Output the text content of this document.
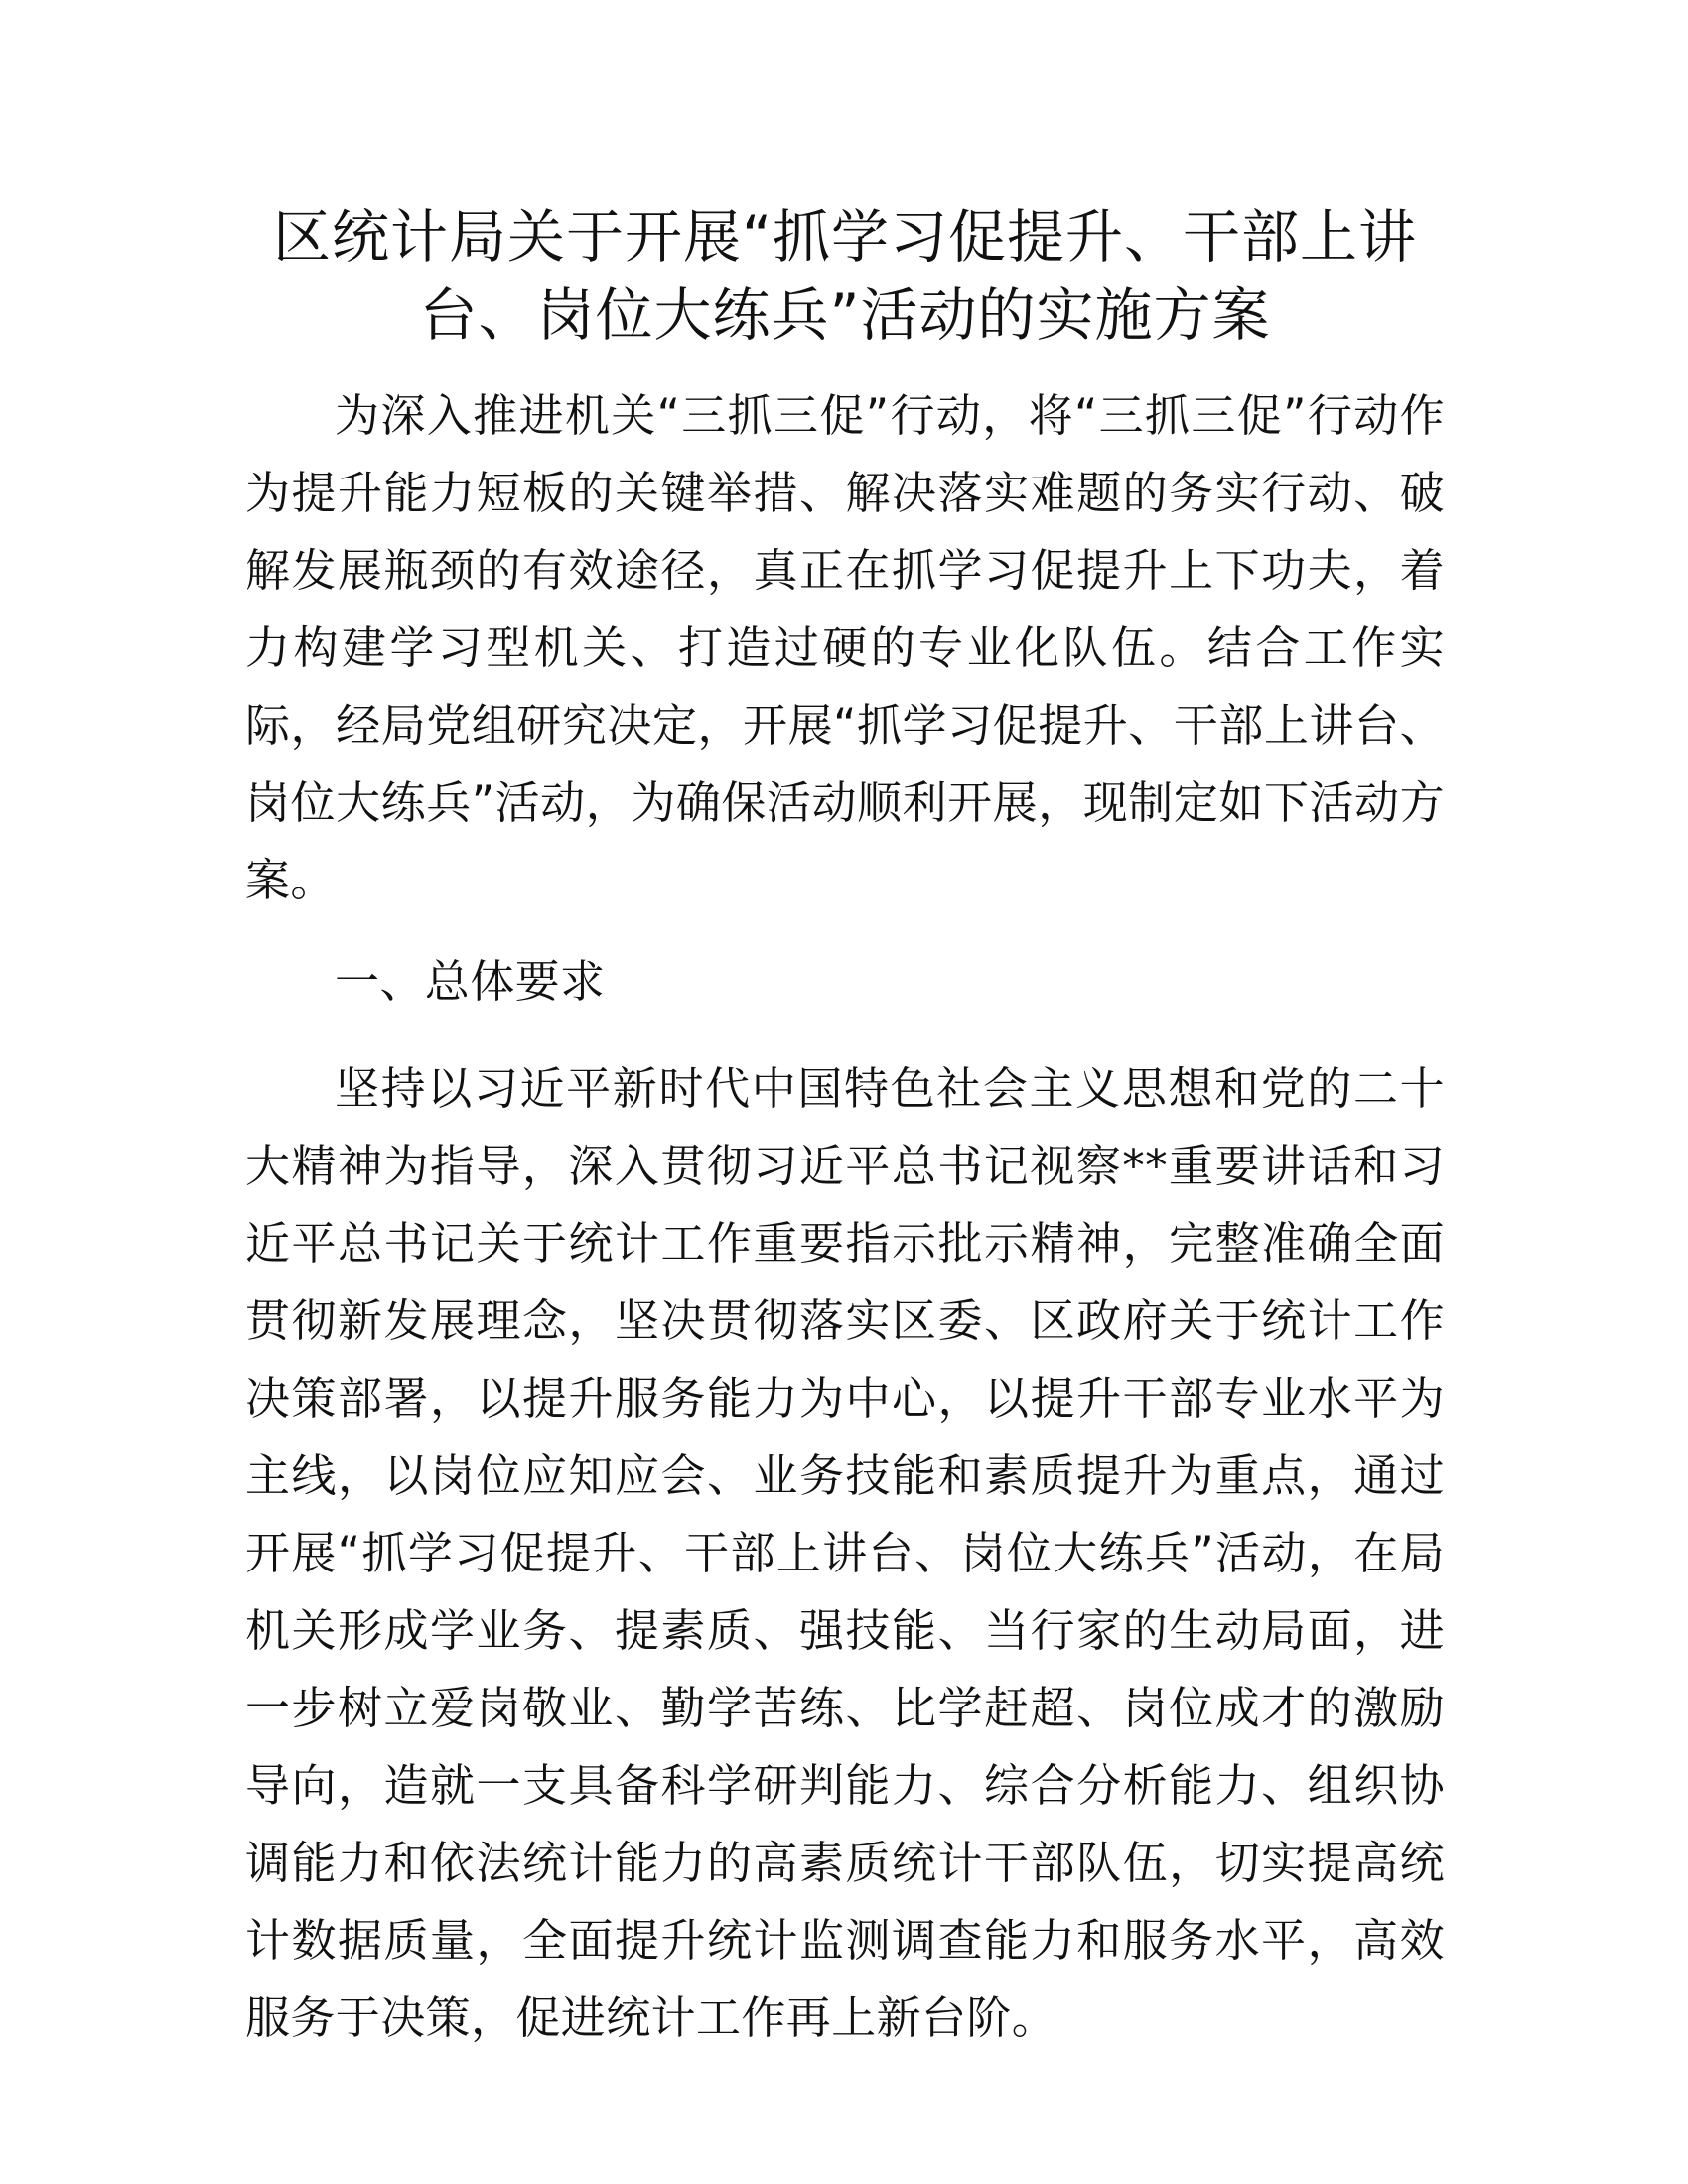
区统计局关于开展“抓学习促提升、干部上讲台、岗位大练兵”活动的实施方案

为深入推进机关“三抓三促”行动，将“三抓三促”行动作为提升能力短板的关键举措、解决落实难题的务实行动、破解发展瓶颈的有效途径，真正在抓学习促提升上下功夫，着力构建学习型机关、打造过硬的专业化队伍。结合工作实际，经局党组研究决定，开展“抓学习促提升、干部上讲台、岗位大练兵”活动，为确保活动顺利开展，现制定如下活动方案。

一、总体要求

坚持以习近平新时代中国特色社会主义思想和党的二十大精神为指导，深入贯彻习近平总书记视察**重要讲话和习近平总书记关于统计工作重要指示批示精神，完整准确全面贯彻新发展理念，坚决贯彻落实区委、区政府关于统计工作决策部署，以提升服务能力为中心，以提升干部专业水平为主线，以岗位应知应会、业务技能和素质提升为重点，通过开展“抓学习促提升、干部上讲台、岗位大练兵”活动，在局机关形成学业务、提素质、强技能、当行家的生动局面，进一步树立爱岗敬业、勤学苦练、比学赶超、岗位成才的激励导向，造就一支具备科学研判能力、综合分析能力、组织协调能力和依法统计能力的高素质统计干部队伍，切实提高统计数据质量，全面提升统计监测调查能力和服务水平，高效服务于决策，促进统计工作再上新台阶。
